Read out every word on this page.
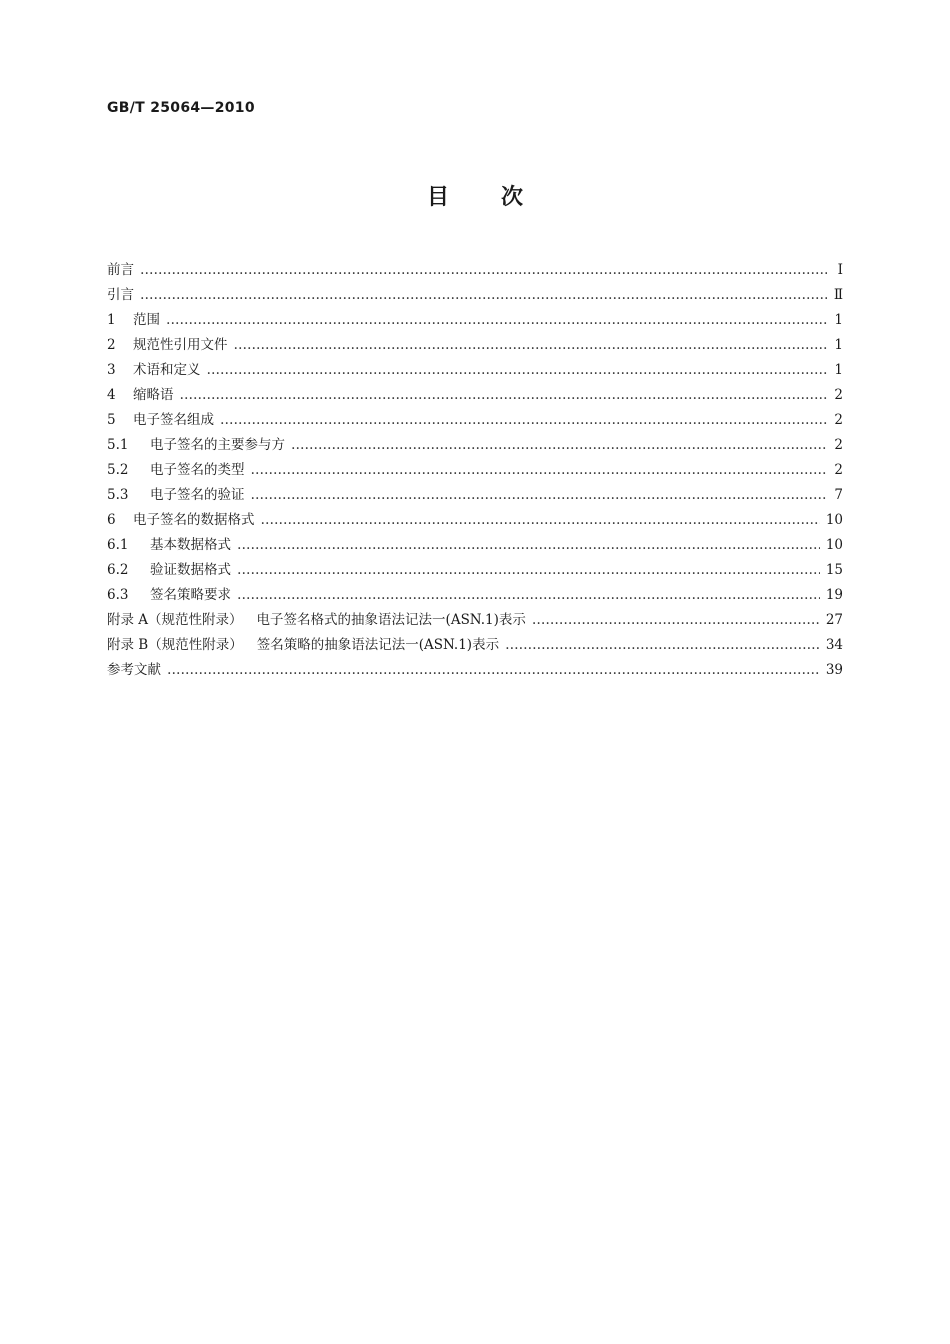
GB/T 25064—2010
目 次
前言 …………………………………………………………………………………………………………………………………………………………………………………………………………	Ⅰ
引言 …………………………………………………………………………………………………………………………………………………………………………………………………………	Ⅱ
1	范围 …………………………………………………………………………………………………………………………………………………………………………………………………………	1
2	规范性引用文件 …………………………………………………………………………………………………………………………………………………………………………………………………………	1
3	术语和定义 …………………………………………………………………………………………………………………………………………………………………………………………………………	1
4	缩略语 …………………………………………………………………………………………………………………………………………………………………………………………………………	2
5	电子签名组成 …………………………………………………………………………………………………………………………………………………………………………………………………………	2
5.1	电子签名的主要参与方 …………………………………………………………………………………………………………………………………………………………………………………………………………	2
5.2	电子签名的类型 …………………………………………………………………………………………………………………………………………………………………………………………………………	2
5.3	电子签名的验证 …………………………………………………………………………………………………………………………………………………………………………………………………………	7
6	电子签名的数据格式 …………………………………………………………………………………………………………………………………………………………………………………………………………	10
6.1	基本数据格式 …………………………………………………………………………………………………………………………………………………………………………………………………………	10
6.2	验证数据格式 …………………………………………………………………………………………………………………………………………………………………………………………………………	15
6.3	签名策略要求 …………………………………………………………………………………………………………………………………………………………………………………………………………	19
附录 A（规范性附录） 电子签名格式的抽象语法记法一(ASN.1)表示 …………………………………………………………………………………………………………………………………………………………………………………………………………	27
附录 B（规范性附录） 签名策略的抽象语法记法一(ASN.1)表示 …………………………………………………………………………………………………………………………………………………………………………………………………………	34
参考文献 …………………………………………………………………………………………………………………………………………………………………………………………………………	39
